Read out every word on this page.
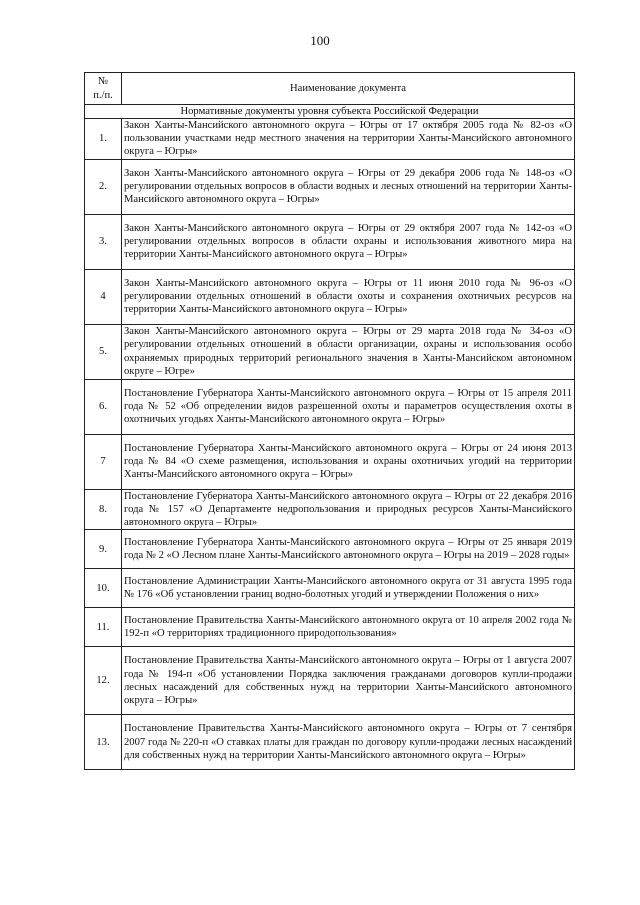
100
№
п./п.	Наименование документа
Нормативные документы уровня субъекта Российской Федерации	
1.	Закон Ханты-Мансийского автономного округа – Югры от 17 октября 2005 года № 82-оз «О пользовании участками недр местного значения на территории Ханты-Мансийского автономного округа – Югры»
2.	Закон Ханты-Мансийского автономного округа – Югры от 29 декабря 2006 года № 148-оз «О регулировании отдельных вопросов в области водных и лесных отношений на территории Ханты-Мансийского автономного округа – Югры»
3.	Закон Ханты-Мансийского автономного округа – Югры от 29 октября 2007 года № 142-оз «О регулировании отдельных вопросов в области охраны и использования животного мира на территории Ханты-Мансийского автономного округа – Югры»
4	Закон Ханты-Мансийского автономного округа – Югры от 11 июня 2010 года № 96-оз «О регулировании отдельных отношений в области охоты и сохранения охотничьих ресурсов на территории Ханты-Мансийского автономного округа – Югры»
5.	Закон Ханты-Мансийского автономного округа – Югры от 29 марта 2018 года № 34-оз «О регулировании отдельных отношений в области организации, охраны и использования особо охраняемых природных территорий регионального значения в Ханты-Мансийском автономном округе – Югре»
6.	Постановление Губернатора Ханты-Мансийского автономного округа – Югры от 15 апреля 2011 года № 52 «Об определении видов разрешенной охоты и параметров осуществления охоты в охотничьих угодьях Ханты-Мансийского автономного округа – Югры»
7	Постановление Губернатора Ханты-Мансийского автономного округа – Югры от 24 июня 2013 года № 84 «О схеме размещения, использования и охраны охотничьих угодий на территории Ханты-Мансийского автономного округа – Югры»
8.	Постановление Губернатора Ханты-Мансийского автономного округа – Югры от 22 декабря 2016 года № 157 «О Департаменте недропользования и природных ресурсов Ханты-Мансийского автономного округа – Югры»
9.	Постановление Губернатора Ханты-Мансийского автономного округа – Югры от 25 января 2019 года № 2 «О Лесном плане Ханты-Мансийского автономного округа – Югры на 2019 – 2028 годы»
10.	Постановление Администрации Ханты-Мансийского автономного округа от 31 августа 1995 года № 176 «Об установлении границ водно-болотных угодий и утверждении Положения о них»
11.	Постановление Правительства Ханты-Мансийского автономного округа от 10 апреля 2002 года № 192-п «О территориях традиционного природопользования»
12.	Постановление Правительства Ханты-Мансийского автономного округа – Югры от 1 августа 2007 года № 194-п «Об установлении Порядка заключения гражданами договоров купли-продажи лесных насаждений для собственных нужд на территории Ханты-Мансийского автономного округа – Югры»
13.	Постановление Правительства Ханты-Мансийского автономного округа – Югры от 7 сентября 2007 года № 220-п «О ставках платы для граждан по договору купли-продажи лесных насаждений для собственных нужд на территории Ханты-Мансийского автономного округа – Югры»
